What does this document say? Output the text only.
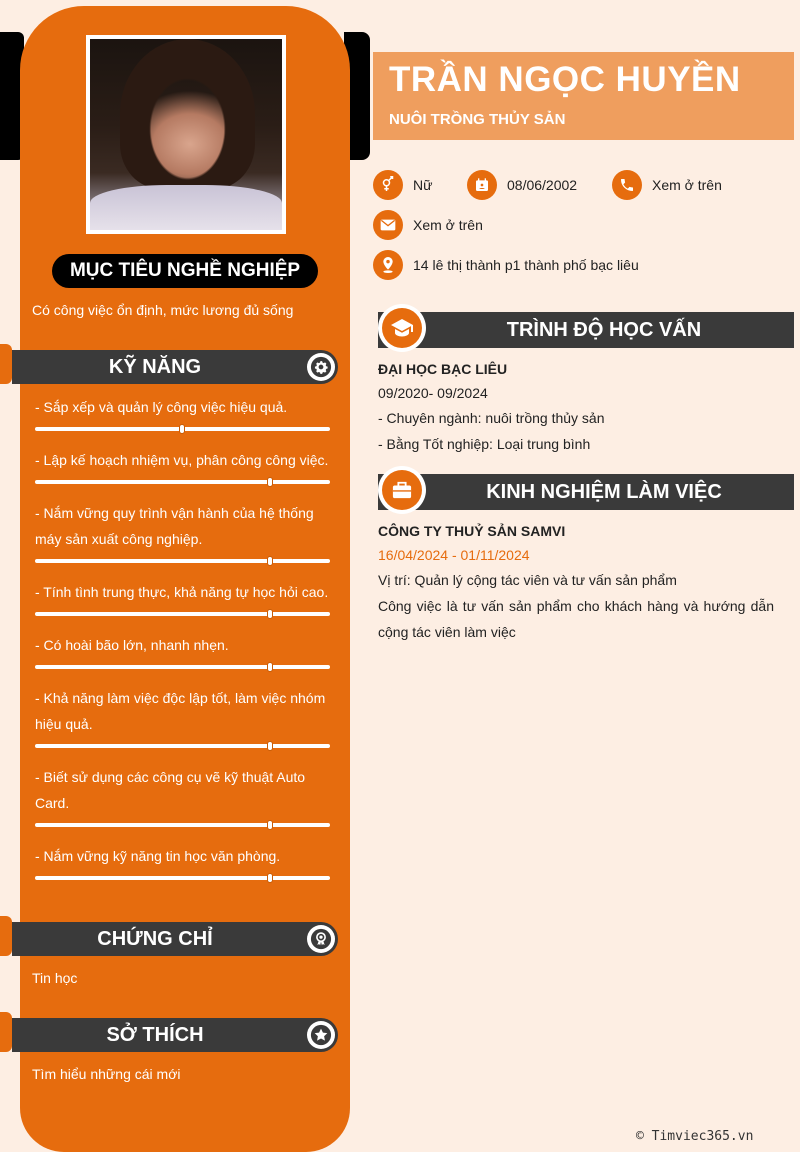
MỤC TIÊU NGHỀ NGHIỆP
Có công việc ổn định, mức lương đủ sống
KỸ NĂNG
- Sắp xếp và quản lý công việc hiệu quả.
- Lập kế hoạch nhiệm vụ, phân công công việc.
- Nắm vững quy trình vận hành của hệ thống máy sản xuất công nghiệp.
- Tính tình trung thực, khả năng tự học hỏi cao.
- Có hoài bão lớn, nhanh nhẹn.
- Khả năng làm việc độc lập tốt, làm việc nhóm hiệu quả.
- Biết sử dụng các công cụ vẽ kỹ thuật Auto Card.
- Nắm vững kỹ năng tin học văn phòng.
CHỨNG CHỈ
Tin học
SỞ THÍCH
Tìm hiểu những cái mới
TRẦN NGỌC HUYỀN
NUÔI TRỒNG THỦY SẢN
Nữ	08/06/2002	Xem ở trên
Xem ở trên
14 lê thị thành p1 thành phố bạc liêu
TRÌNH ĐỘ HỌC VẤN
ĐẠI HỌC BẠC LIÊU
09/2020- 09/2024
- Chuyên ngành: nuôi trồng thủy sản
- Bằng Tốt nghiệp: Loại trung bình
KINH NGHIỆM LÀM VIỆC
CÔNG TY THUỶ SẢN SAMVI
16/04/2024 - 01/11/2024
Vị trí: Quản lý cộng tác viên và tư vấn sản phẩm
Công việc là tư vấn sản phẩm cho khách hàng và hướng dẫn cộng tác viên làm việc
© Timviec365.vn
